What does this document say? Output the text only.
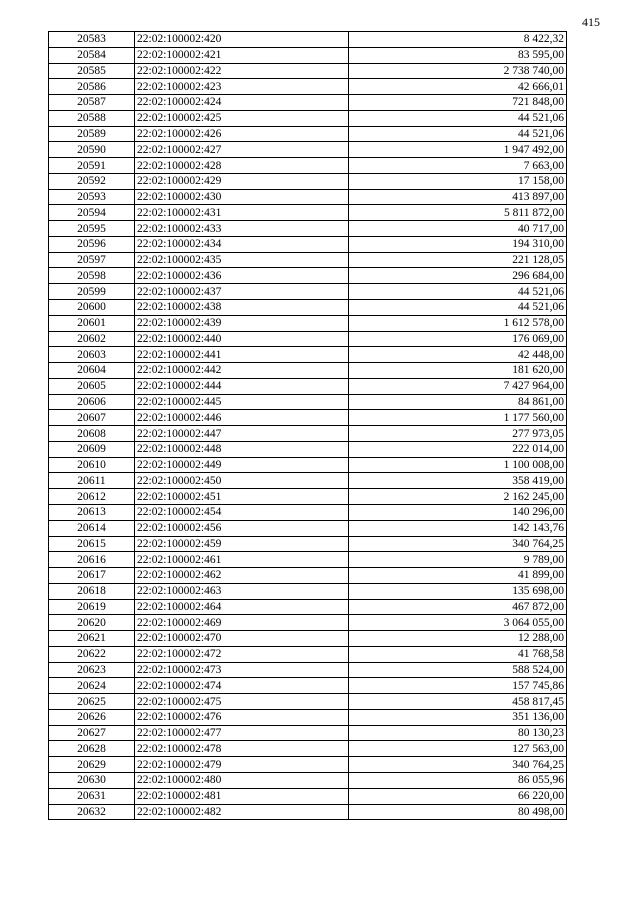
415
20583	22:02:100002:420	8 422,32
20584	22:02:100002:421	83 595,00
20585	22:02:100002:422	2 738 740,00
20586	22:02:100002:423	42 666,01
20587	22:02:100002:424	721 848,00
20588	22:02:100002:425	44 521,06
20589	22:02:100002:426	44 521,06
20590	22:02:100002:427	1 947 492,00
20591	22:02:100002:428	7 663,00
20592	22:02:100002:429	17 158,00
20593	22:02:100002:430	413 897,00
20594	22:02:100002:431	5 811 872,00
20595	22:02:100002:433	40 717,00
20596	22:02:100002:434	194 310,00
20597	22:02:100002:435	221 128,05
20598	22:02:100002:436	296 684,00
20599	22:02:100002:437	44 521,06
20600	22:02:100002:438	44 521,06
20601	22:02:100002:439	1 612 578,00
20602	22:02:100002:440	176 069,00
20603	22:02:100002:441	42 448,00
20604	22:02:100002:442	181 620,00
20605	22:02:100002:444	7 427 964,00
20606	22:02:100002:445	84 861,00
20607	22:02:100002:446	1 177 560,00
20608	22:02:100002:447	277 973,05
20609	22:02:100002:448	222 014,00
20610	22:02:100002:449	1 100 008,00
20611	22:02:100002:450	358 419,00
20612	22:02:100002:451	2 162 245,00
20613	22:02:100002:454	140 296,00
20614	22:02:100002:456	142 143,76
20615	22:02:100002:459	340 764,25
20616	22:02:100002:461	9 789,00
20617	22:02:100002:462	41 899,00
20618	22:02:100002:463	135 698,00
20619	22:02:100002:464	467 872,00
20620	22:02:100002:469	3 064 055,00
20621	22:02:100002:470	12 288,00
20622	22:02:100002:472	41 768,58
20623	22:02:100002:473	588 524,00
20624	22:02:100002:474	157 745,86
20625	22:02:100002:475	458 817,45
20626	22:02:100002:476	351 136,00
20627	22:02:100002:477	80 130,23
20628	22:02:100002:478	127 563,00
20629	22:02:100002:479	340 764,25
20630	22:02:100002:480	86 055,96
20631	22:02:100002:481	66 220,00
20632	22:02:100002:482	80 498,00
